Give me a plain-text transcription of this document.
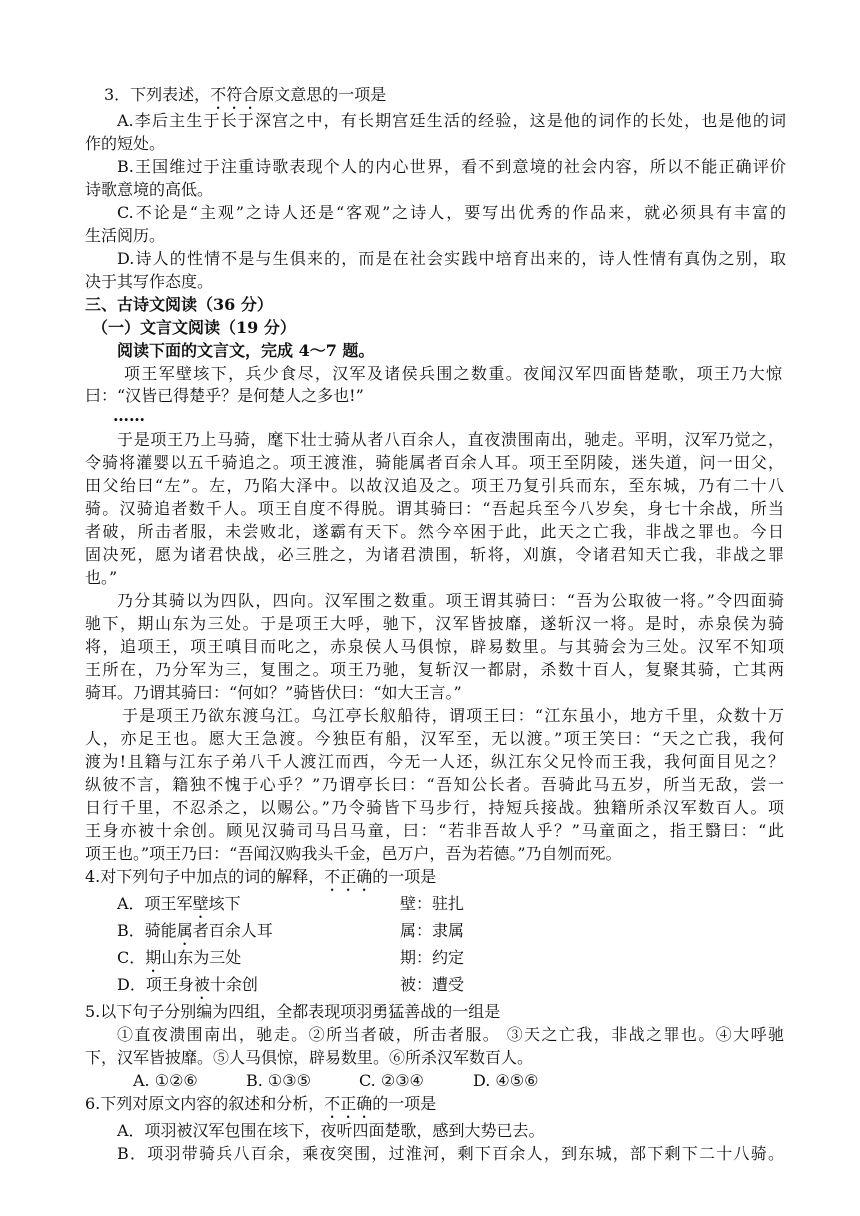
3．下列表述，不符合原文意思的一项是
A.李后主生于长于深宫之中，有长期宫廷生活的经验，这是他的词作的长处，也是他的词
作的短处。
B.王国维过于注重诗歌表现个人的内心世界，看不到意境的社会内容，所以不能正确评价
诗歌意境的高低。
C.不论是“主观”之诗人还是“客观”之诗人，要写出优秀的作品来，就必须具有丰富的
生活阅历。
D.诗人的性情不是与生俱来的，而是在社会实践中培育出来的，诗人性情有真伪之别，取
决于其写作态度。
三、古诗文阅读（36 分）
（一）文言文阅读（19 分）
阅读下面的文言文，完成 4～7 题。
项王军壁垓下，兵少食尽，汉军及诸侯兵围之数重。夜闻汉军四面皆楚歌，项王乃大惊
曰：“汉皆已得楚乎？是何楚人之多也!”
……
于是项王乃上马骑，麾下壮士骑从者八百余人，直夜溃围南出，驰走。平明，汉军乃觉之，
令骑将灌婴以五千骑追之。项王渡淮，骑能属者百余人耳。项王至阴陵，迷失道，问一田父，
田父绐曰“左”。左，乃陷大泽中。以故汉追及之。项王乃复引兵而东，至东城，乃有二十八
骑。汉骑追者数千人。项王自度不得脱。谓其骑曰：“吾起兵至今八岁矣，身七十余战，所当
者破，所击者服，未尝败北，遂霸有天下。然今卒困于此，此天之亡我，非战之罪也。今日
固决死，愿为诸君快战，必三胜之，为诸君溃围，斩将，刈旗，令诸君知天亡我，非战之罪
也。”
乃分其骑以为四队，四向。汉军围之数重。项王谓其骑曰：“吾为公取彼一将。”令四面骑
驰下，期山东为三处。于是项王大呼，驰下，汉军皆披靡，遂斩汉一将。是时，赤泉侯为骑
将，追项王，项王嗔目而叱之，赤泉侯人马俱惊，辟易数里。与其骑会为三处。汉军不知项
王所在，乃分军为三，复围之。项王乃驰，复斩汉一都尉，杀数十百人，复聚其骑，亡其两
骑耳。乃谓其骑曰：“何如？”骑皆伏曰：“如大王言。”
于是项王乃欲东渡乌江。乌江亭长舣船待，谓项王曰：“江东虽小，地方千里，众数十万
人，亦足王也。愿大王急渡。今独臣有船，汉军至，无以渡。”项王笑曰：“天之亡我，我何
渡为!且籍与江东子弟八千人渡江而西，今无一人还，纵江东父兄怜而王我，我何面目见之？
纵彼不言，籍独不愧于心乎？”乃谓亭长曰：“吾知公长者。吾骑此马五岁，所当无敌，尝一
日行千里，不忍杀之，以赐公。”乃令骑皆下马步行，持短兵接战。独籍所杀汉军数百人。项
王身亦被十余创。顾见汉骑司马吕马童，曰：“若非吾故人乎？”马童面之，指王翳曰：“此
项王也。”项王乃曰：“吾闻汉购我头千金，邑万户，吾为若德。”乃自刎而死。
4.对下列句子中加点的词的解释，不正确的一项是
A．项王军壁垓下	壁：驻扎
B．骑能属者百余人耳	属：隶属
C．期山东为三处	期：约定
D．项王身被十余创	被：遭受
5.以下句子分别编为四组，全都表现项羽勇猛善战的一组是
①直夜溃围南出，驰走。②所当者破，所击者服。 ③天之亡我，非战之罪也。④大呼驰
下，汉军皆披靡。⑤人马俱惊，辟易数里。⑥所杀汉军数百人。
A. ①②⑥	B. ①③⑤	C. ②③④	D. ④⑤⑥
6.下列对原文内容的叙述和分析，不正确的一项是
A．项羽被汉军包围在垓下，夜听四面楚歌，感到大势已去。
B．项羽带骑兵八百余，乘夜突围，过淮河，剩下百余人，到东城，部下剩下二十八骑。
